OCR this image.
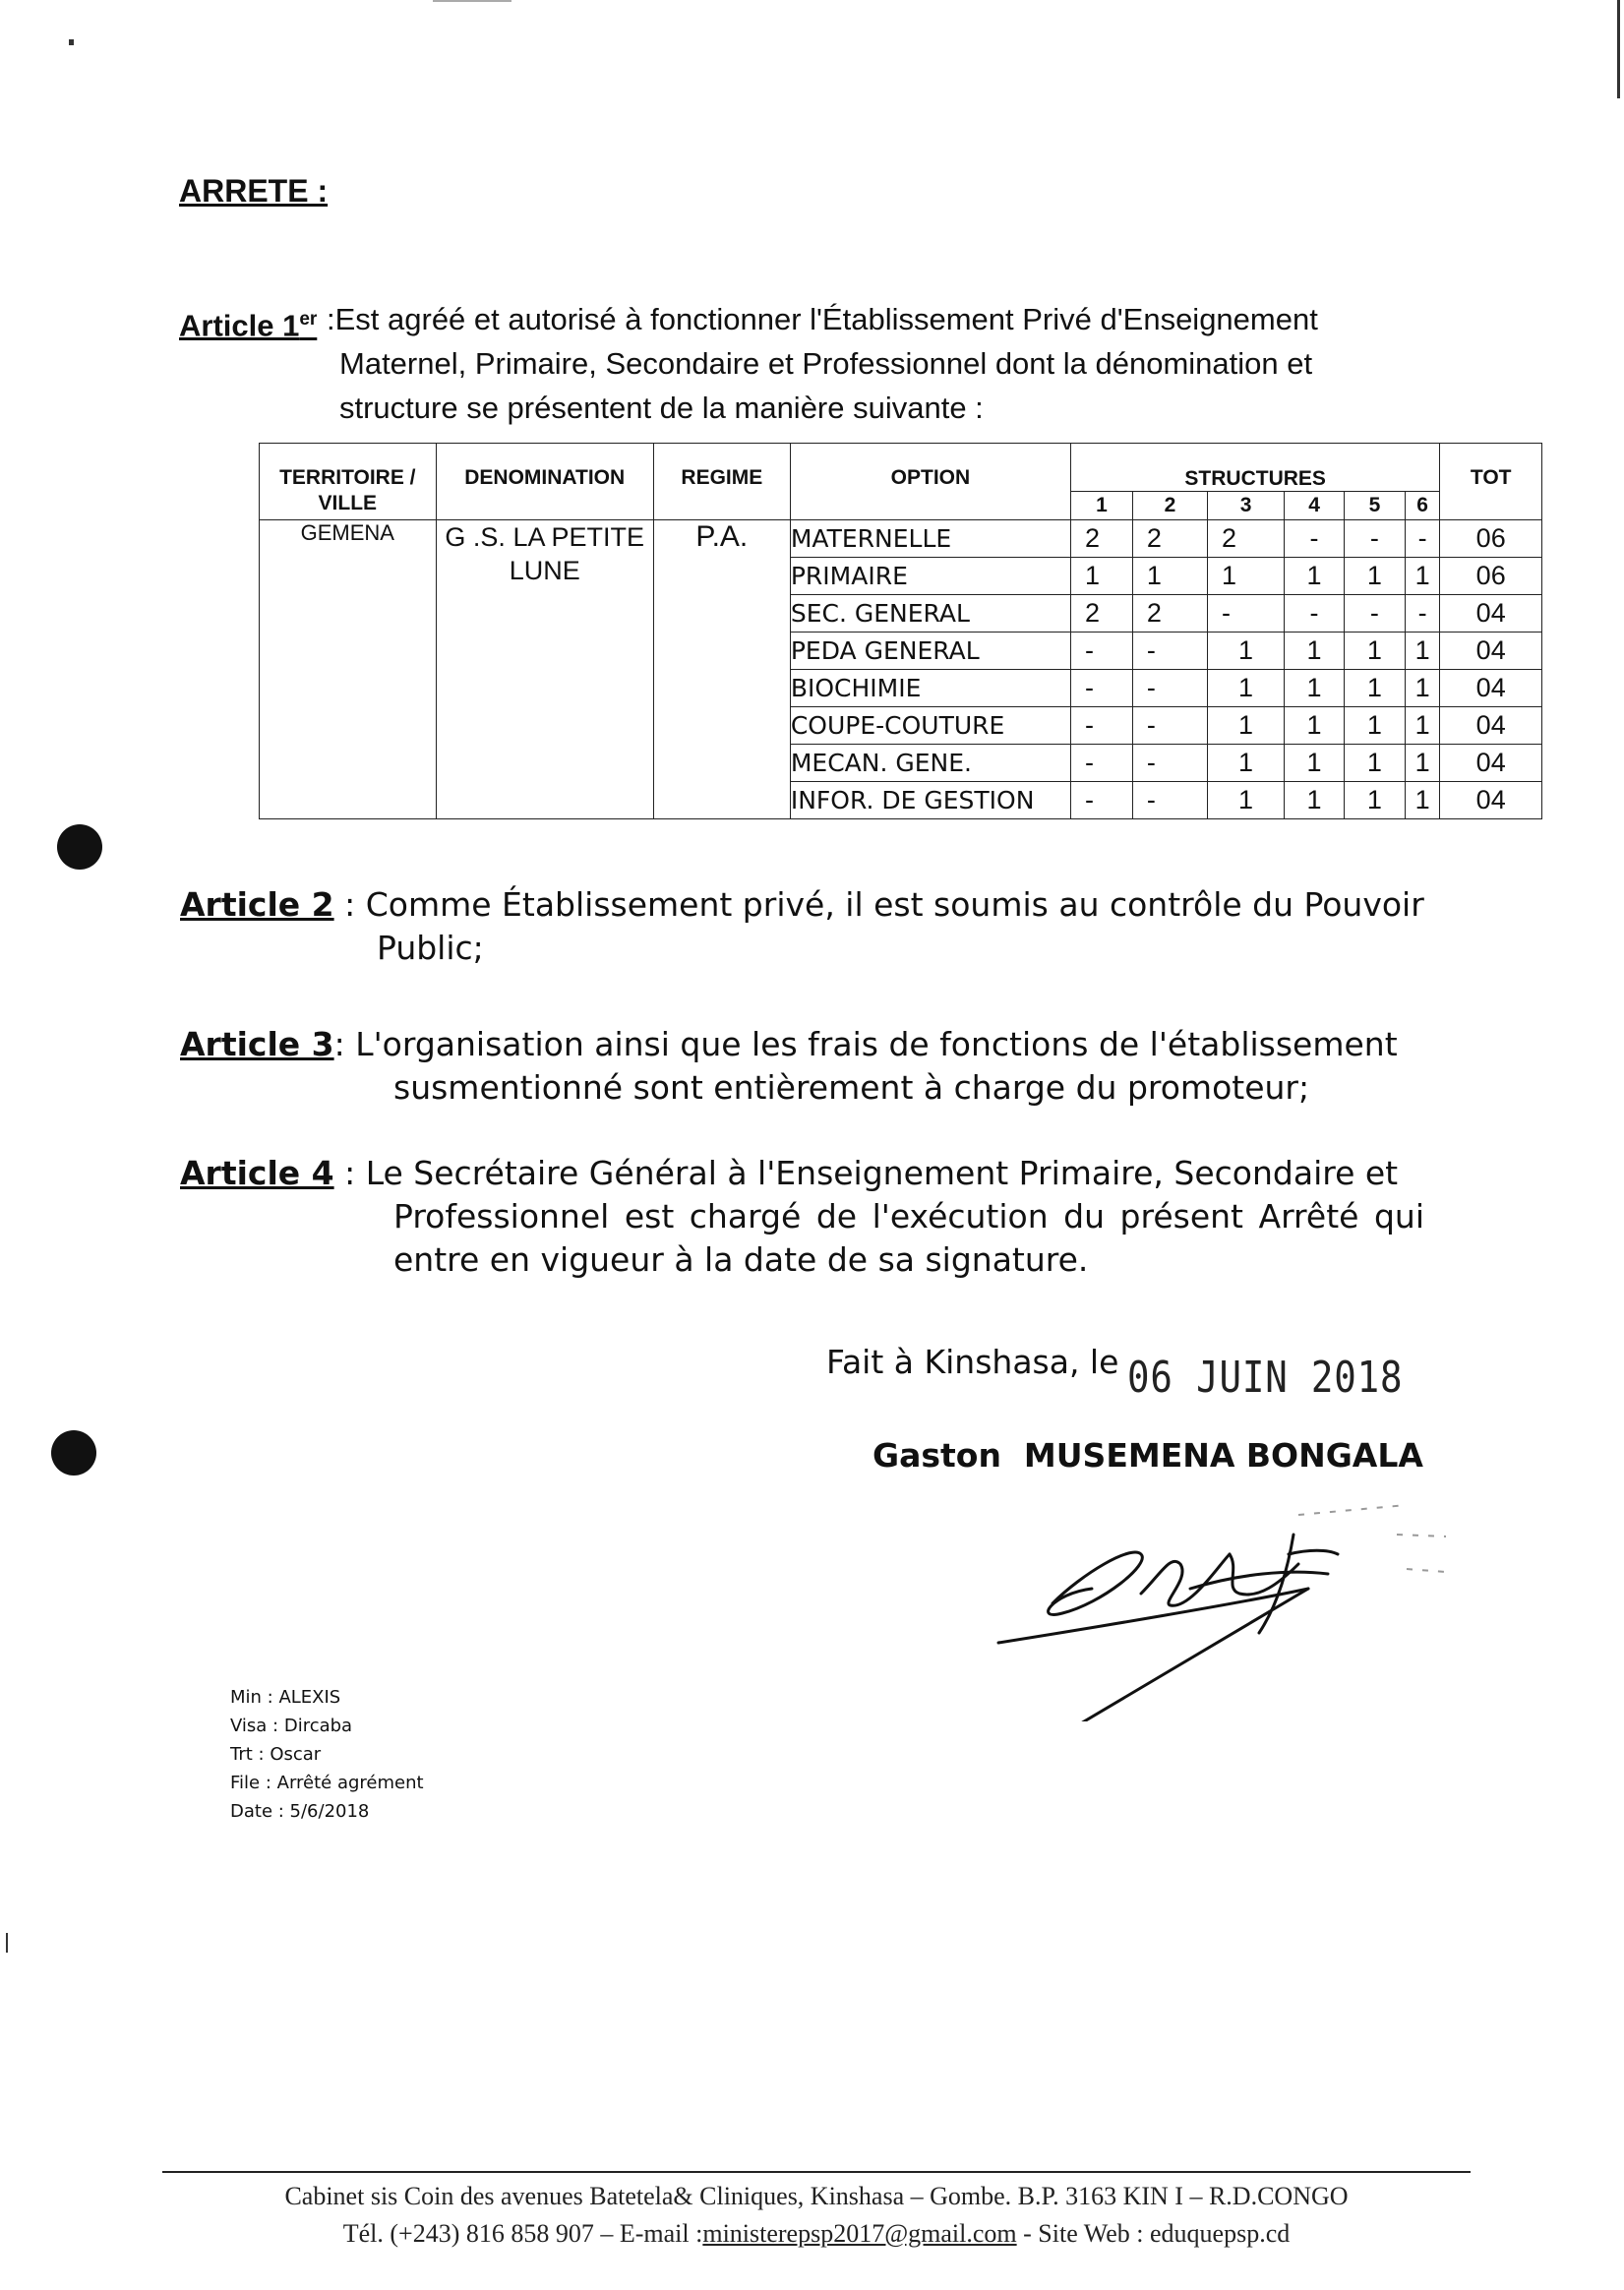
ARRETE :
Article 1er :Est agréé et autorisé à fonctionner l'Établissement Privé d'Enseignement
Maternel, Primaire, Secondaire et Professionnel dont la dénomination et
structure se présentent de la manière suivante :
TERRITOIRE / VILLE	DENOMINATION	REGIME	OPTION	STRUCTURES						TOT
				1	2	3	4	5	6	
GEMENA	G .S. LA PETITE LUNE	P.A.	MATERNELLE	2	2	2	-	-	-	06
			PRIMAIRE	1	1	1	1	1	1	06
			SEC. GENERAL	2	2	-	-	-	-	04
			PEDA GENERAL	-	-	1	1	1	1	04
			BIOCHIMIE	-	-	1	1	1	1	04
			COUPE-COUTURE	-	-	1	1	1	1	04
			MECAN. GENE.	-	-	1	1	1	1	04
			INFOR. DE GESTION	-	-	1	1	1	1	04
Article 2 : Comme Établissement privé, il est soumis au contrôle du Pouvoir
Public;
Article 3: L'organisation ainsi que les frais de fonctions de l'établissement
susmentionné sont entièrement à charge du promoteur;
Article 4 : Le Secrétaire Général à l'Enseignement Primaire, Secondaire et
Professionnel est chargé de l'exécution du présent Arrêté qui entre en vigueur à la date de sa signature.
Fait à Kinshasa, le 06 JUIN 2018
Gaston  MUSEMENA BONGALA
Min : ALEXIS
Visa : Dircaba
Trt : Oscar
File : Arrêté agrément
Date : 5/6/2018
Cabinet sis Coin des avenues Batetela& Cliniques, Kinshasa – Gombe. B.P. 3163 KIN I – R.D.CONGO
Tél. (+243) 816 858 907 – E-mail :ministerepsp2017@gmail.com - Site Web : eduquepsp.cd
